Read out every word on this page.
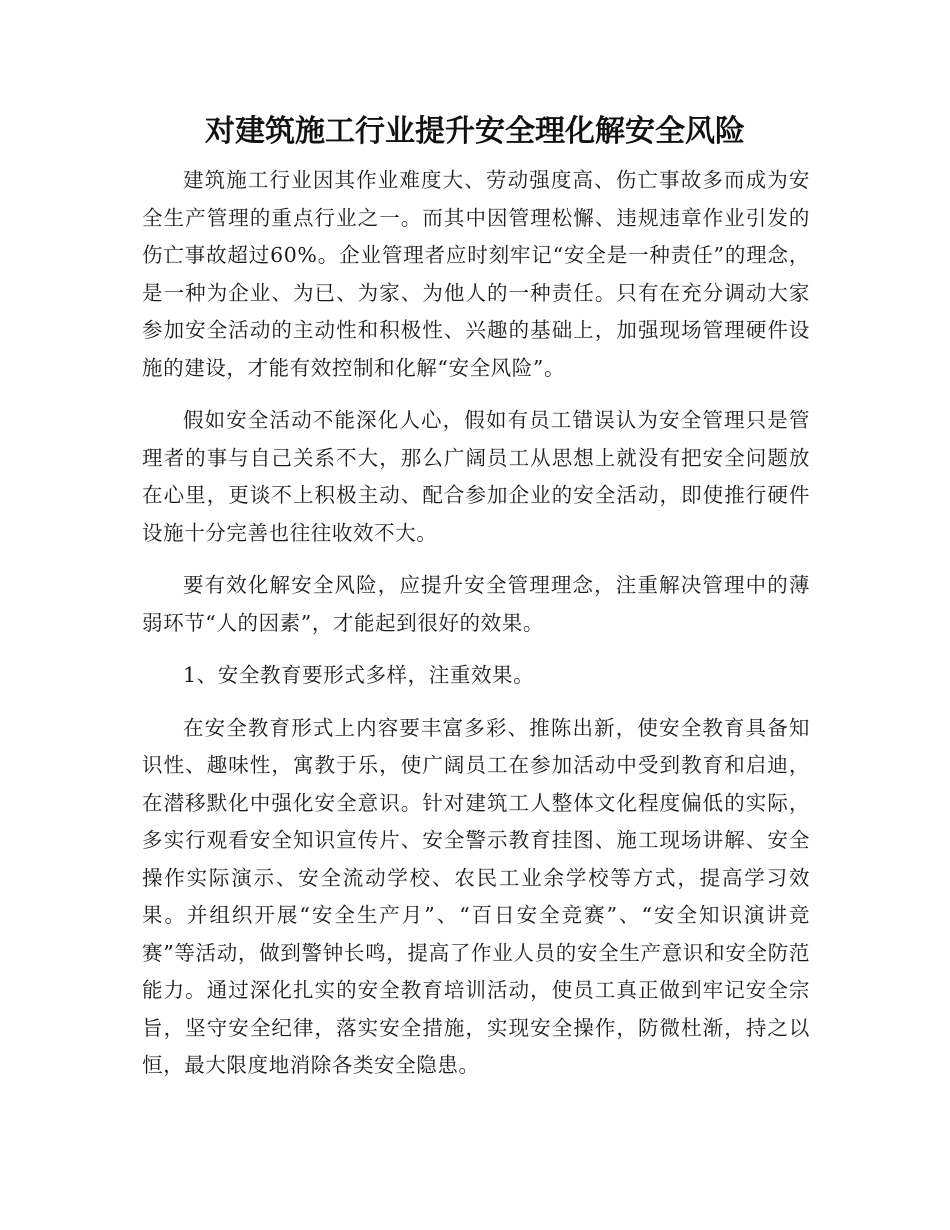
对建筑施工行业提升安全理化解安全风险

建筑施工行业因其作业难度大、劳动强度高、伤亡事故多而成为安全生产管理的重点行业之一。而其中因管理松懈、违规违章作业引发的伤亡事故超过60%。企业管理者应时刻牢记“安全是一种责任”的理念，是一种为企业、为已、为家、为他人的一种责任。只有在充分调动大家参加安全活动的主动性和积极性、兴趣的基础上，加强现场管理硬件设施的建设，才能有效控制和化解“安全风险”。

假如安全活动不能深化人心，假如有员工错误认为安全管理只是管理者的事与自己关系不大，那么广阔员工从思想上就没有把安全问题放在心里，更谈不上积极主动、配合参加企业的安全活动，即使推行硬件设施十分完善也往往收效不大。

要有效化解安全风险，应提升安全管理理念，注重解决管理中的薄弱环节“人的因素”，才能起到很好的效果。

1、安全教育要形式多样，注重效果。

在安全教育形式上内容要丰富多彩、推陈出新，使安全教育具备知识性、趣味性，寓教于乐，使广阔员工在参加活动中受到教育和启迪，在潜移默化中强化安全意识。针对建筑工人整体文化程度偏低的实际，多实行观看安全知识宣传片、安全警示教育挂图、施工现场讲解、安全操作实际演示、安全流动学校、农民工业余学校等方式，提高学习效果。并组织开展“安全生产月”、“百日安全竞赛”、“安全知识演讲竞赛”等活动，做到警钟长鸣，提高了作业人员的安全生产意识和安全防范能力。通过深化扎实的安全教育培训活动，使员工真正做到牢记安全宗旨，坚守安全纪律，落实安全措施，实现安全操作，防微杜渐，持之以恒，最大限度地消除各类安全隐患。
